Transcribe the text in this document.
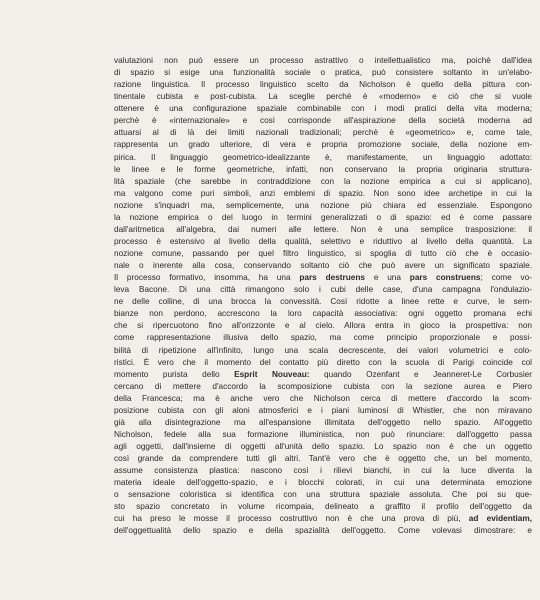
valutazioni non può essere un processo astrattivo o intellettualistico ma, poichè dall'idea
di spazio si esige una funzionalità sociale o pratica, può consistere soltanto in un'elabo-
razione linguistica. Il processo linguistico scelto da Nicholson è quello della pittura con-
tinentale cubista e post-cubista. La sceglie perchè è «moderno» e ciò che si vuole
ottenere è una configurazione spaziale combinabile con i modi pratici della vita moderna;
perchè è «internazionale» e così corrisponde all'aspirazione della società moderna ad
attuarsi al di là dei limiti nazionali tradizionali; perchè è «geometrico» e, come tale,
rappresenta un grado ulteriore, di vera e propria promozione sociale, della nozione em-
pirica. Il linguaggio geometrico-idealizzante è, manifestamente, un linguaggio adottato:
le linee e le forme geometriche, infatti, non conservano la propria originaria struttura-
lità spaziale (che sarebbe in contraddizione con la nozione empirica a cui si applicano),
ma valgono come puri simboli, anzi emblemi di spazio. Non sono idee archetipe in cui la
nozione s'inquadri ma, semplicemente, una nozione più chiara ed essenziale. Espongono
la nozione empirica o del luogo in termini generalizzati o di spazio: ed è come passare
dall'aritmetica all'algebra, dai numeri alle lettere. Non è una semplice trasposizione: il
processo è estensivo al livello della qualità, selettivo e riduttivo al livello della quantità. La
nozione comune, passando per quel filtro linguistico, si spoglia di tutto ciò che è occasio-
nale o inerente alla cosa, conservando soltanto ciò che può avere un significato spaziale.
Il processo formativo, insomma, ha una pars destruens e una pars construens; come vo-
leva Bacone. Di una città rimangono solo i cubi delle case, d'una campagna l'ondulazio-
ne delle colline, di una brocca la convessità. Così ridotte a linee rette e curve, le sem-
bianze non perdono, accrescono la loro capacità associativa: ogni oggetto promana echi
che si ripercuotono fino all'orizzonte e al cielo. Allora entra in gioco la prospettiva: non
come rappresentazione illusiva dello spazio, ma come principio proporzionale e possi-
bilità di ripetizione all'infinito, lungo una scala decrescente, dei valori volumetrici e colo-
ristici. È vero che il momento del contatto più diretto con la scuola di Parigi coincide col
momento purista dello Esprit Nouveau: quando Ozenfant e Jeanneret-Le Corbusier
cercano di mettere d'accordo la scomposizione cubista con la sezione aurea e Piero
della Francesca; ma è anche vero che Nicholson cerca di mettere d'accordo la scom-
posizione cubista con gli aloni atmosferici e i piani luminosi di Whistler, che non miravano
già alla disintegrazione ma all'espansione illimitata dell'oggetto nello spazio. All'oggetto
Nicholson, fedele alla sua formazione illuministica, non può rinunciare: dall'oggetto passa
agli oggetti, dall'insieme di oggetti all'unità dello spazio. Lo spazio non è che un oggetto
così grande da comprendere tutti gli altri. Tant'è vero che è oggetto che, un bel momento,
assume consistenza plastica: nascono così i rilievi bianchi, in cui la luce diventa la
materia ideale dell'oggetto-spazio, e i blocchi colorati, in cui una determinata emozione
o sensazione coloristica si identifica con una struttura spaziale assoluta. Che poi su que-
sto spazio concretato in volume ricompaia, delineato a graffito il profilo dell'oggetto da
cui ha preso le mosse il processo costruttivo non è che una prova di più, ad evidentiam,
dell'oggettualità dello spazio e della spazialità dell'oggetto. Come volevasi dimostrare: e
